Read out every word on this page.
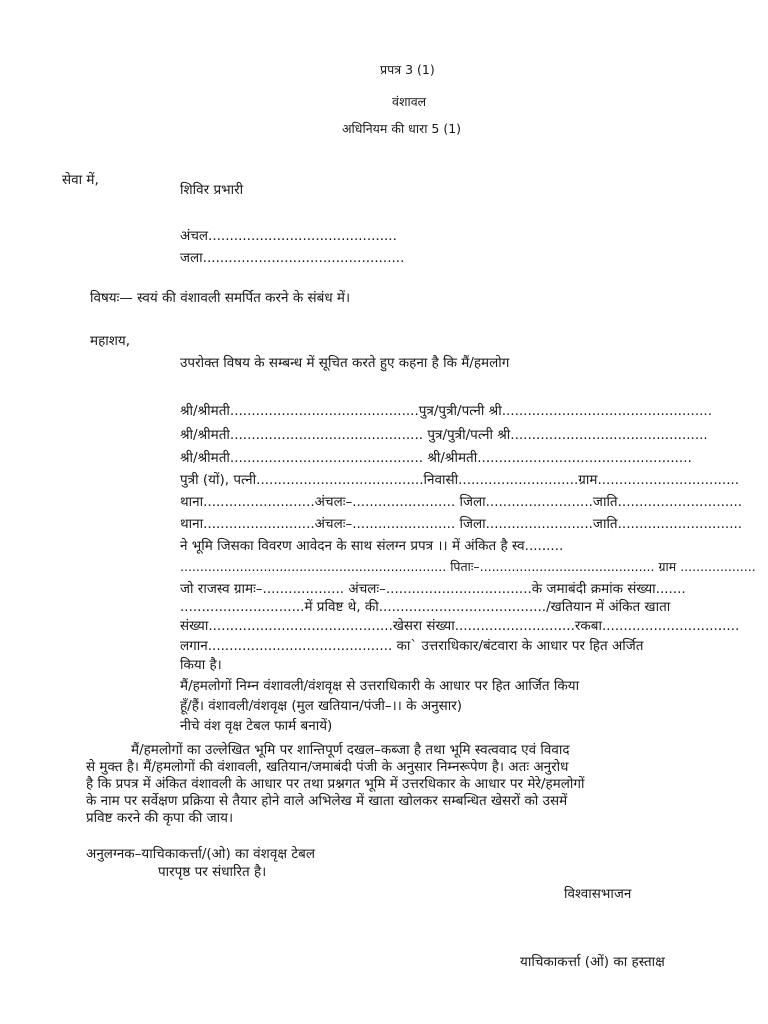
प्रपत्र 3 (1)

वंशावल

अधिनियम की धारा 5 (1)

सेवा में,

शिविर प्रभारी

अंचल............................................

जला...............................................

विषयः— स्वयं की वंशावली समर्पित करने के संबंध में।

महाशय,

उपरोक्त विषय के सम्बन्ध में सूचित करते हुए कहना है कि मैं/हमलोग

श्री/श्रीमती............................................पुत्र/पुत्री/पत्नी श्री.................................................

श्री/श्रीमती............................................. पुत्र/पुत्री/पत्नी श्री..............................................

श्री/श्रीमती............................................. श्री/श्रीमती..................................................

पुत्री (यों), पत्नी.......................................निवासी............................ग्राम.................................

थाना..........................अंचलः–........................ जिला.........................जाति.............................

थाना..........................अंचलः–........................ जिला.........................जाति.............................

ने भूमि जिसका विवरण आवेदन के साथ संलग्न प्रपत्र ।। में अंकित है स्व.........

................................................................... पिताः–............................................ ग्राम ...................

जो राजस्व ग्रामः–................... अंचलः–..................................के जमाबंदी क्रमांक संख्या.......

.............................में प्रविष्ट थे, की......................................./खतियान में अंकित खाता

संख्या...........................................खेसरा संख्या............................रकबा................................

लगान........................................... का` उत्तराधिकार/बंटवारा के आधार पर हित अर्जित

किया है।

मैं/हमलोगों निम्न वंशावली/वंशवृक्ष से उत्तराधिकारी के आधार पर हित आर्जित किया

हूँ/हैं। वंशावली/वंशवृक्ष (मुल खतियान/पंजी–।। के अनुसार)

नीचे वंश वृक्ष टेबल फार्म बनायें)

मैं/हमलोगों का उल्लेखित भूमि पर शान्तिपूर्ण दखल–कब्जा है तथा भूमि स्वत्ववाद एवं विवाद
से मुक्त है। मैं/हमलोगों की वंशावली, खतियान/जमाबंदी पंजी के अनुसार निम्नरूपेण है। अतः अनुरोध
है कि प्रपत्र में अंकित वंशावली के आधार पर तथा प्रश्नगत भूमि में उत्तरधिकार के आधार पर मेरे/हमलोगों
के नाम पर सर्वेक्षण प्रक्रिया से तैयार होने वाले अभिलेख में खाता खोलकर सम्बन्धित खेसरों को उसमें
प्रविष्ट करने की कृपा की जाय।

अनुलग्नक–याचिकाकर्त्ता/(ओ) का वंशवृक्ष टेबल

पारपृष्ठ पर संधारित है।

विश्वासभाजन

याचिकाकर्त्ता (ओं) का हस्ताक्ष
